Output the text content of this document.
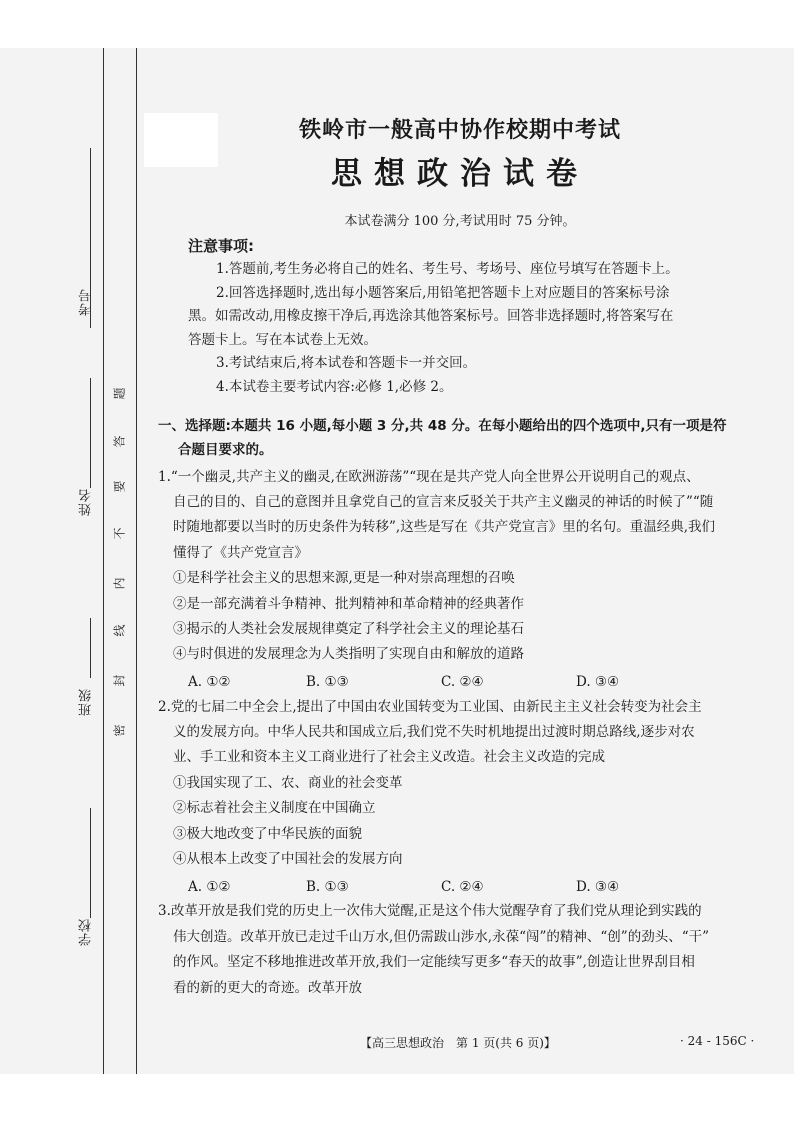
考号
姓名
班级
学校
题
答
要
不
内
线
封
密
铁岭市一般高中协作校期中考试
思想政治试卷
本试卷满分 100 分,考试用时 75 分钟。
注意事项:
1.答题前,考生务必将自己的姓名、考生号、考场号、座位号填写在答题卡上。
2.回答选择题时,选出每小题答案后,用铅笔把答题卡上对应题目的答案标号涂
黑。如需改动,用橡皮擦干净后,再选涂其他答案标号。回答非选择题时,将答案写在
答题卡上。写在本试卷上无效。
3.考试结束后,将本试卷和答题卡一并交回。
4.本试卷主要考试内容:必修 1,必修 2。
一、选择题:本题共 16 小题,每小题 3 分,共 48 分。在每小题给出的四个选项中,只有一项是符
合题目要求的。
1.“一个幽灵,共产主义的幽灵,在欧洲游荡”“现在是共产党人向全世界公开说明自己的观点、
自己的目的、自己的意图并且拿党自己的宣言来反驳关于共产主义幽灵的神话的时候了”“随
时随地都要以当时的历史条件为转移”,这些是写在《共产党宣言》里的名句。重温经典,我们
懂得了《共产党宣言》
①是科学社会主义的思想来源,更是一种对崇高理想的召唤
②是一部充满着斗争精神、批判精神和革命精神的经典著作
③揭示的人类社会发展规律奠定了科学社会主义的理论基石
④与时俱进的发展理念为人类指明了实现自由和解放的道路
A. ①②	B. ①③	C. ②④	D. ③④
2.党的七届二中全会上,提出了中国由农业国转变为工业国、由新民主主义社会转变为社会主
义的发展方向。中华人民共和国成立后,我们党不失时机地提出过渡时期总路线,逐步对农
业、手工业和资本主义工商业进行了社会主义改造。社会主义改造的完成
①我国实现了工、农、商业的社会变革
②标志着社会主义制度在中国确立
③极大地改变了中华民族的面貌
④从根本上改变了中国社会的发展方向
A. ①②	B. ①③	C. ②④	D. ③④
3.改革开放是我们党的历史上一次伟大觉醒,正是这个伟大觉醒孕育了我们党从理论到实践的
伟大创造。改革开放已走过千山万水,但仍需跋山涉水,永葆“闯”的精神、“创”的劲头、“干”
的作风。坚定不移地推进改革开放,我们一定能续写更多“春天的故事”,创造让世界刮目相
看的新的更大的奇迹。改革开放
【高三思想政治　第 1 页(共 6 页)】	· 24 - 156C ·
